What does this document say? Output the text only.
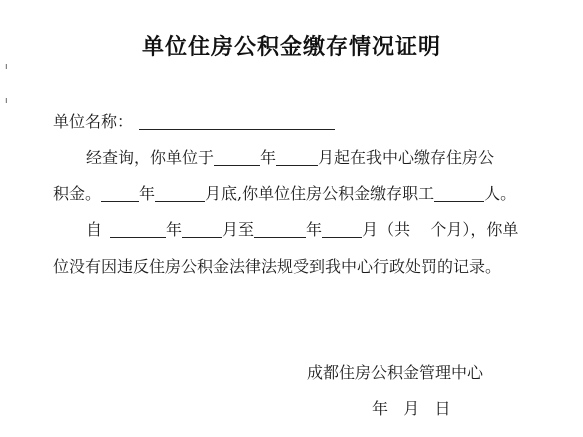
ı
ı
单位住房公积金缴存情况证明
单位名称：
经查询，你单位于	年	月起在我中心缴存住房公
积金。 年	月底,你单位住房公积金缴存职工	人。
自	年	月至	年	月（共    个月），你单
位没有因违反住房公积金法律法规受到我中心行政处罚的记录。
成都住房公积金管理中心
年   月   日
